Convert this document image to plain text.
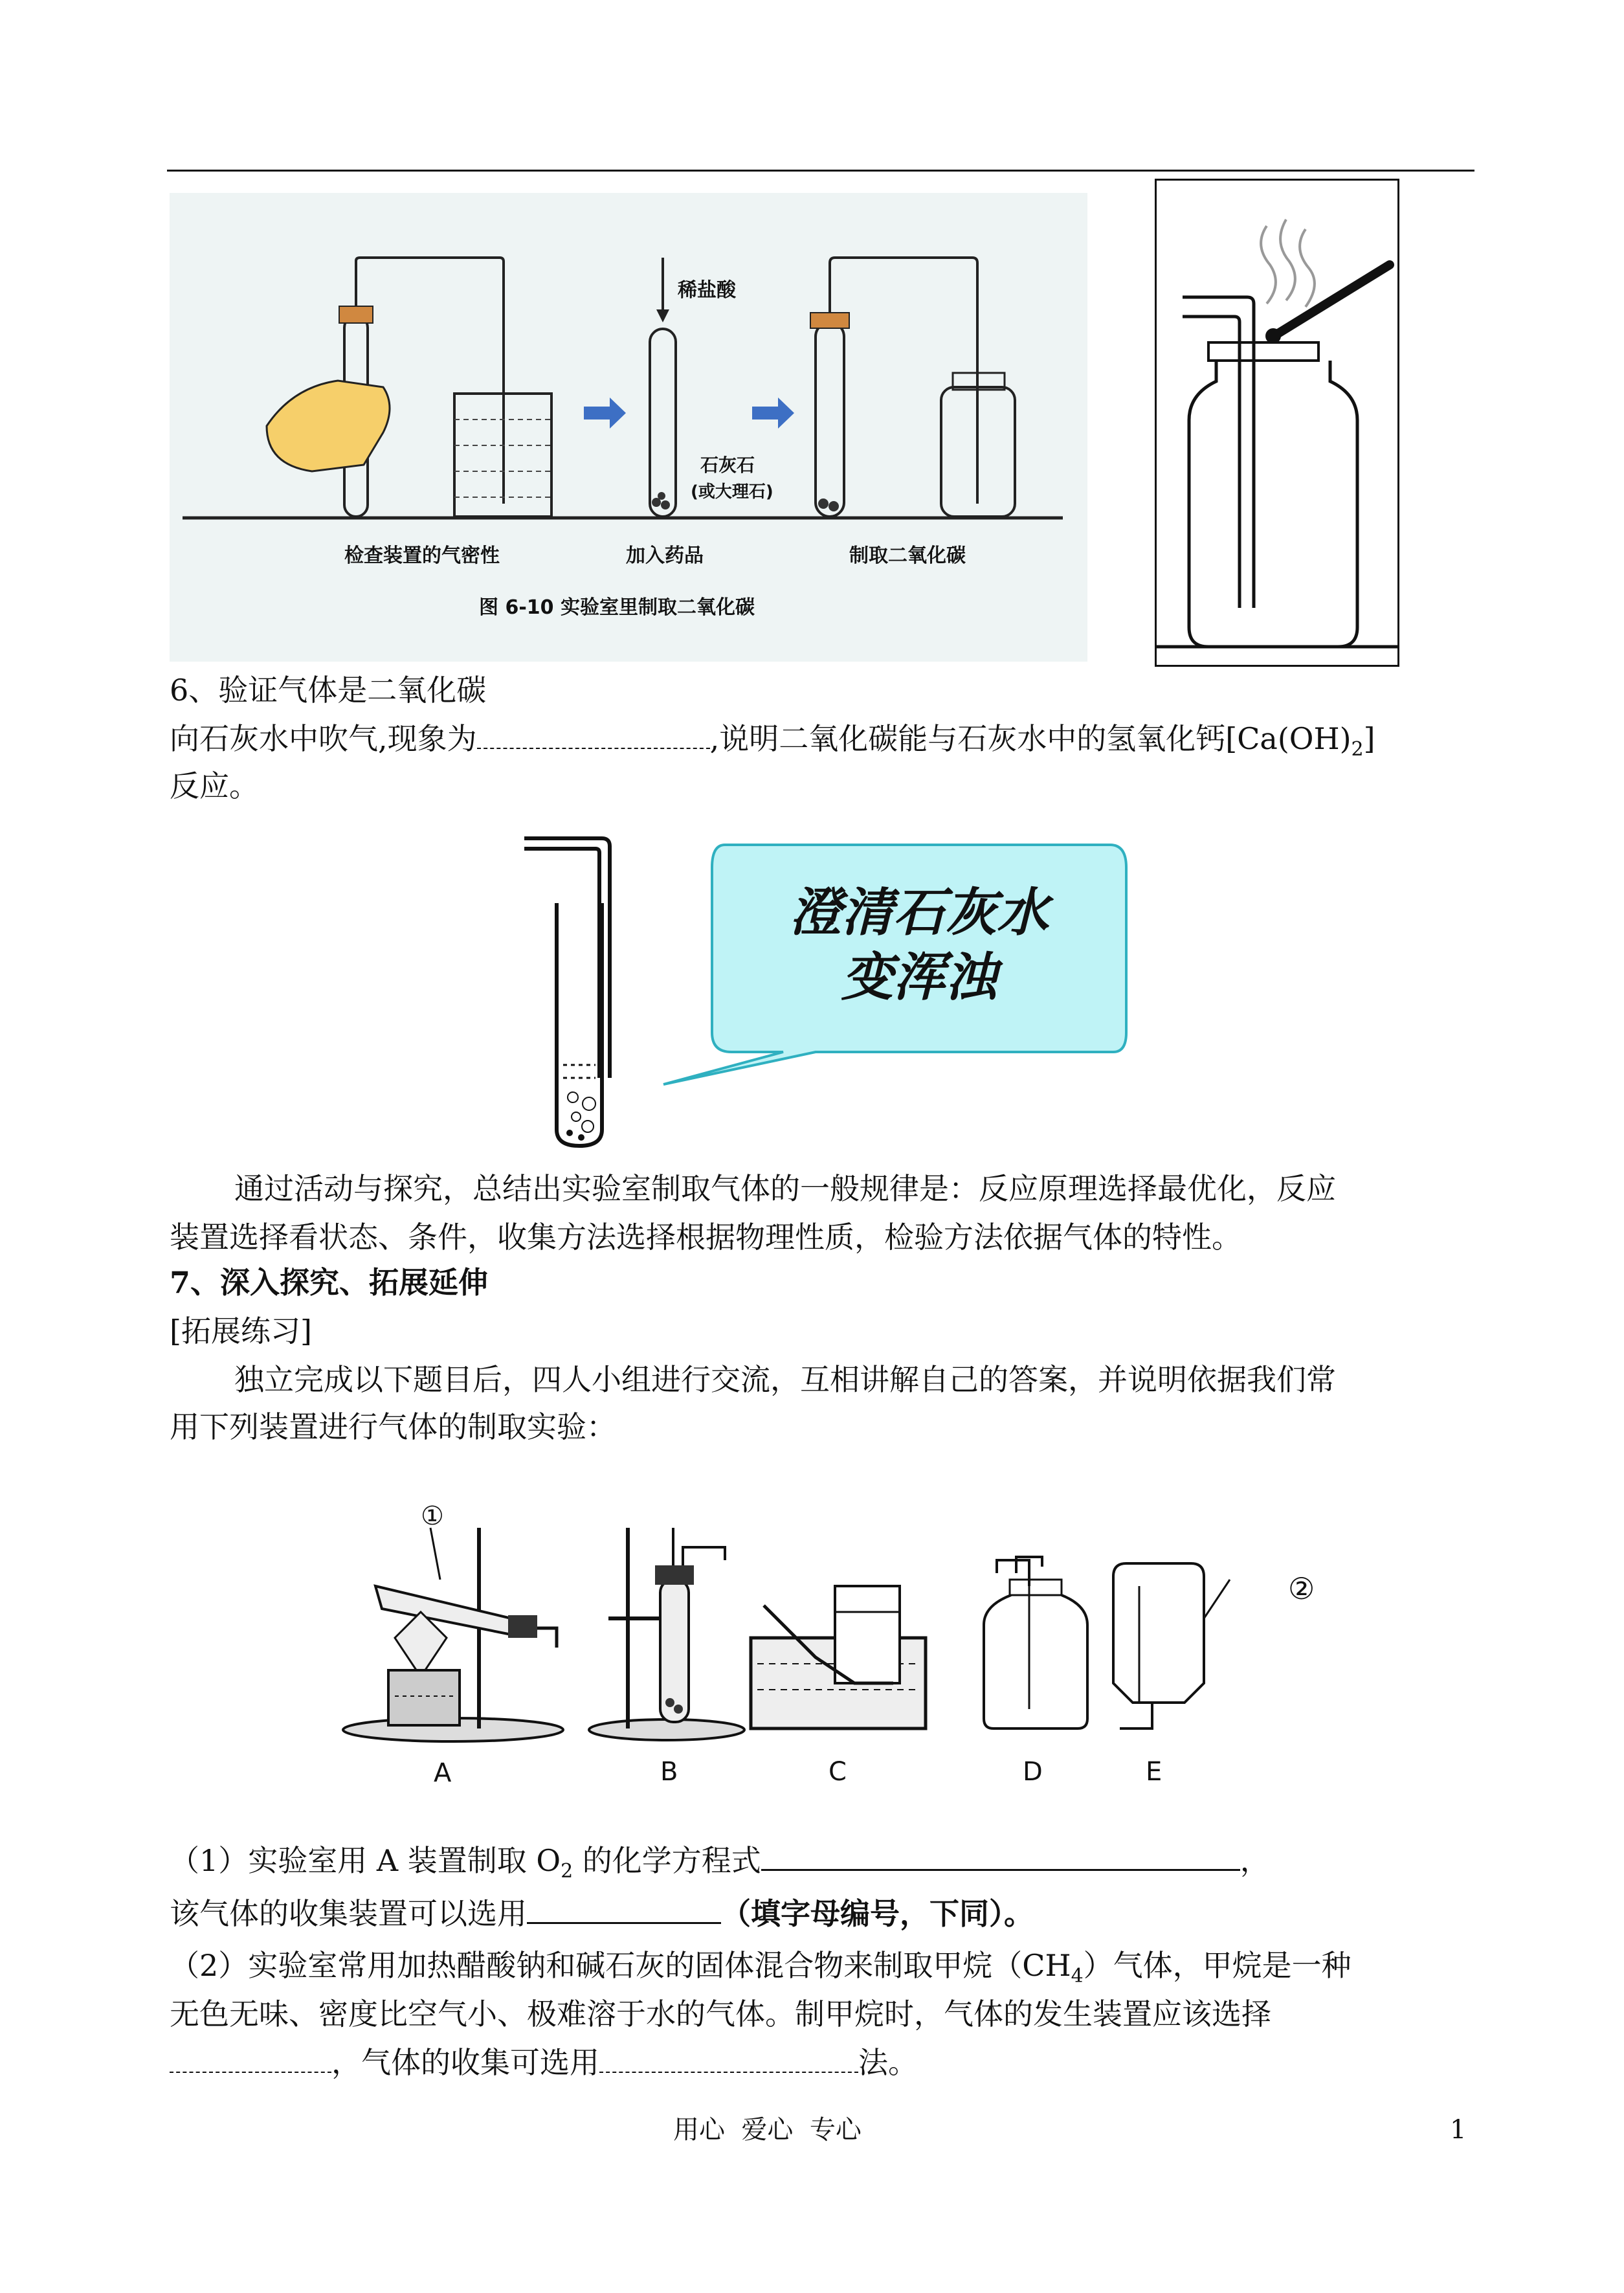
稀盐酸
石灰石
(或大理石)
检查装置的气密性	加入药品	制取二氧化碳
图 6-10 实验室里制取二氧化碳
6、验证气体是二氧化碳
向石灰水中吹气,现象为	,说明二氧化碳能与石灰水中的氢氧化钙$[Ca(OH)_2]$
反应。
澄清石灰水
变浑浊
通过活动与探究，总结出实验室制取气体的一般规律是：反应原理选择最优化，反应
装置选择看状态、条件，收集方法选择根据物理性质，检验方法依据气体的特性。
7、深入探究、拓展延伸
[拓展练习]
独立完成以下题目后，四人小组进行交流，互相讲解自己的答案，并说明依据我们常
用下列装置进行气体的制取实验：
①
②
A	B	C	D	E
（1）实验室用 A 装置制取 $O_2$ 的化学方程式	，
该气体的收集装置可以选用	（填字母编号，下同）。
（2）实验室常用加热醋酸钠和碱石灰的固体混合物来制取甲烷$(CH_4)$气体，甲烷是一种
无色无味、密度比空气小、极难溶于水的气体。制甲烷时，气体的发生装置应该选择
，气体的收集可选用	法。
用心  爱心  专心	1
